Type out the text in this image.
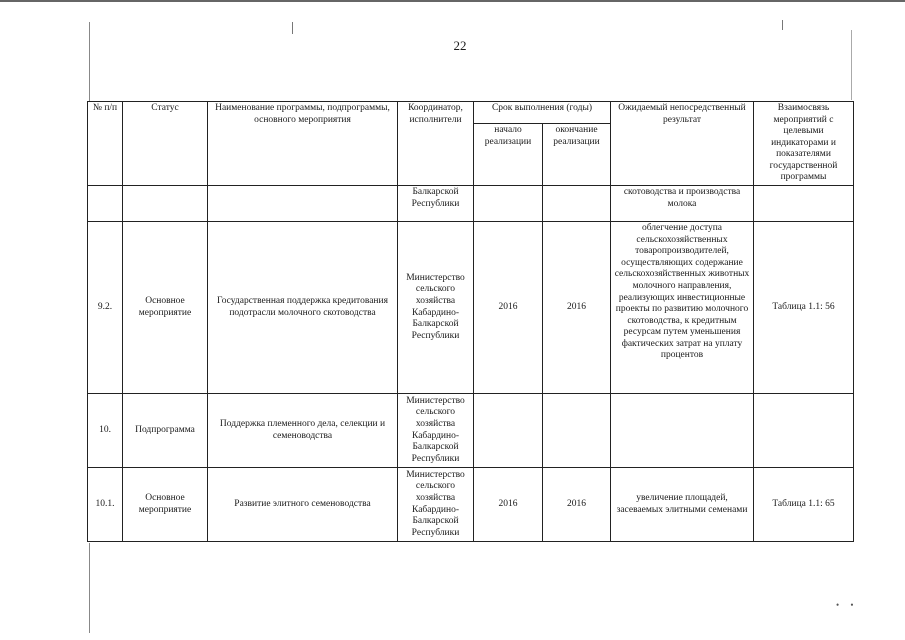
•     •
22
№ п/п	Статус	Наименование программы, подпрограммы, основного мероприятия	Координатор, исполнители	Срок выполнения (годы)		Ожидаемый непосредственный результат	Взаимосвязь мероприятий с целевыми индикаторами и показателями государственной программы
				начало реализации	окончание реализации		
			Балкарской Республики			скотоводства и производства молока	
9.2.	Основное мероприятие	Государственная поддержка кредитования подотрасли молочного скотоводства	Министерство сельского хозяйства Кабардино-Балкарской Республики	2016	2016	облегчение доступа сельскохозяйственных товаропроизводителей, осуществляющих содержание сельскохозяйственных животных молочного направления, реализующих инвестиционные проекты по развитию молочного скотоводства, к кредитным ресурсам путем уменьшения фактических затрат на уплату процентов	Таблица 1.1: 56
10.	Подпрограмма	Поддержка племенного дела, селекции и семеноводства	Министерство сельского хозяйства Кабардино-Балкарской Республики				
10.1.	Основное мероприятие	Развитие элитного семеноводства	Министерство сельского хозяйства Кабардино-Балкарской Республики	2016	2016	увеличение площадей, засеваемых элитными семенами	Таблица 1.1: 65
